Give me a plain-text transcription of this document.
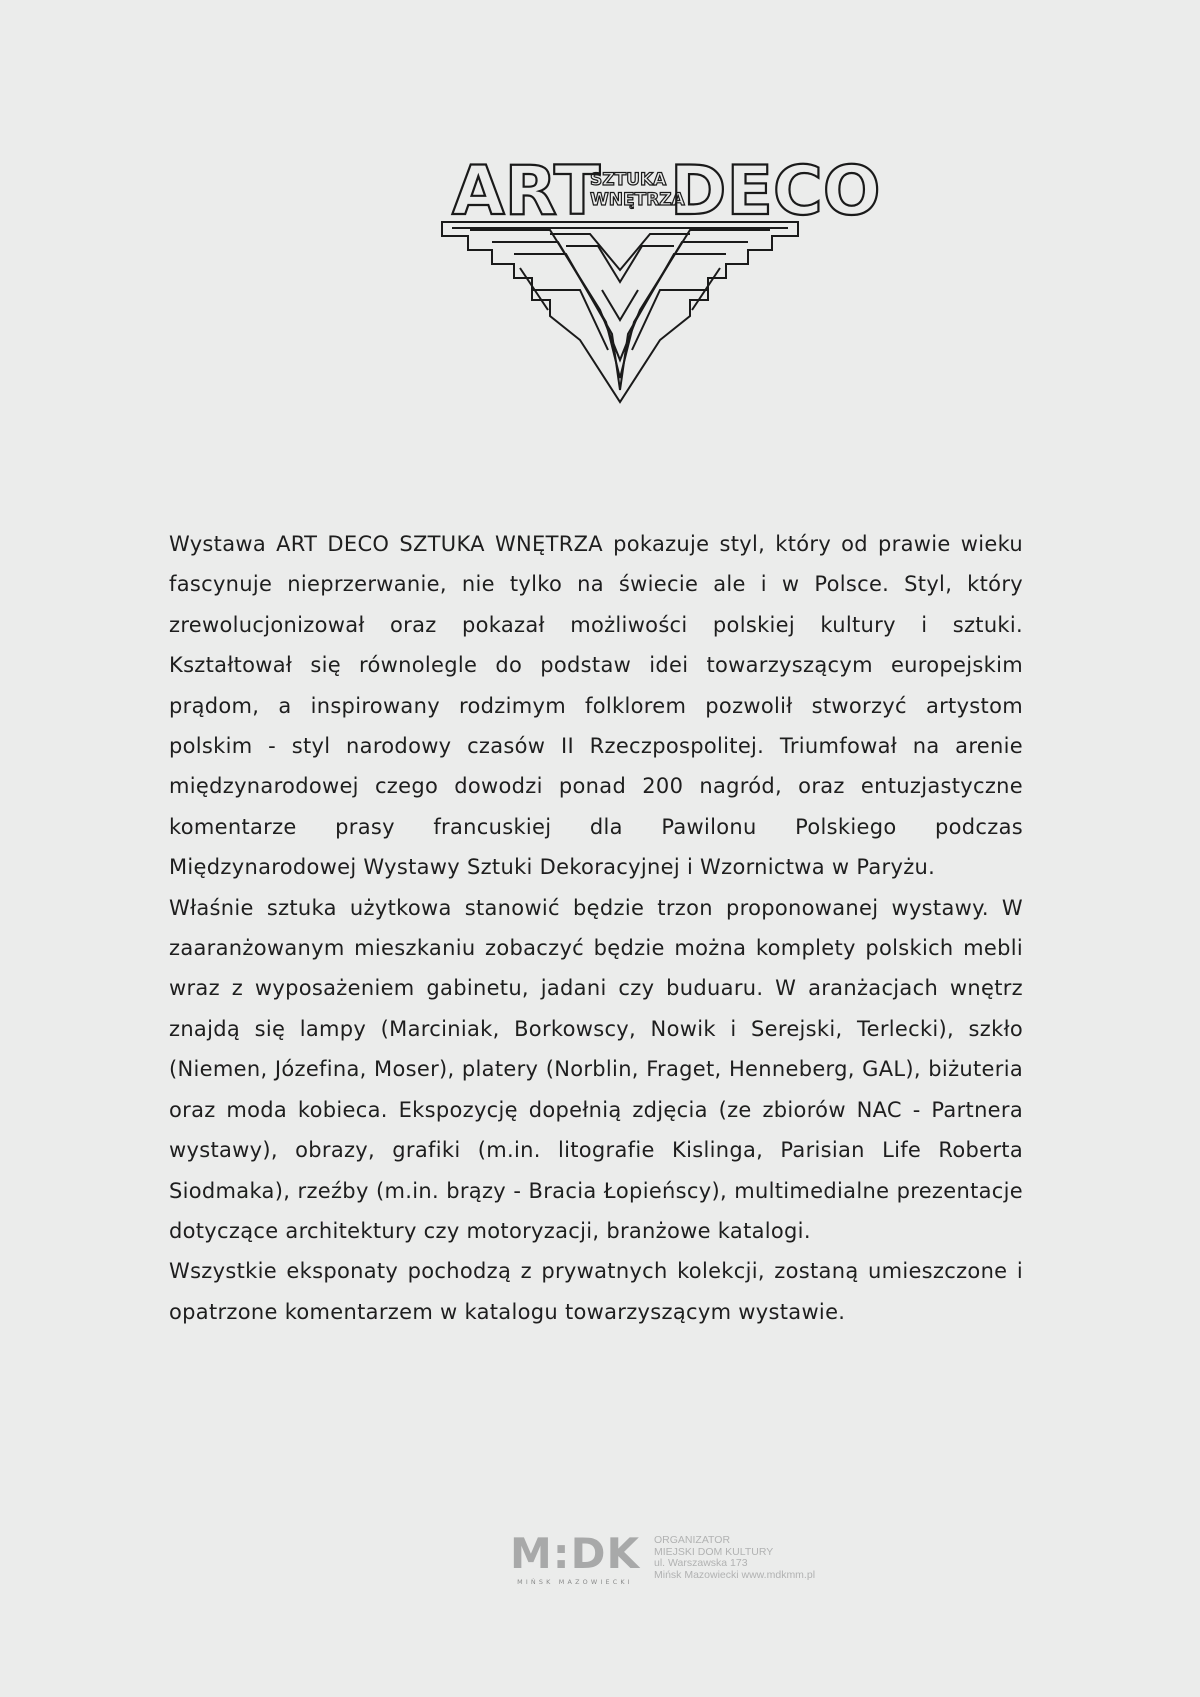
ART
SZTUKA
WNĘTRZA
DECO

Wystawa ART DECO SZTUKA WNĘTRZA pokazuje styl, który od prawie wieku fascynuje nieprzerwanie, nie tylko na świecie ale i w Polsce. Styl, który zrewolucjonizował oraz pokazał możliwości polskiej kultury i sztuki. Kształtował się równolegle do podstaw idei towarzyszącym europejskim prądom, a inspirowany rodzimym folklorem pozwolił stworzyć artystom polskim - styl narodowy czasów II Rzeczpospolitej. Triumfował na arenie międzynarodowej czego dowodzi ponad 200 nagród, oraz entuzjastyczne komentarze prasy francuskiej dla Pawilonu Polskiego podczas Międzynarodowej Wystawy Sztuki Dekoracyjnej i Wzornictwa w Paryżu.

Właśnie sztuka użytkowa stanowić będzie trzon proponowanej wystawy. W zaaranżowanym mieszkaniu zobaczyć będzie można komplety polskich mebli wraz z wyposażeniem gabinetu, jadani czy buduaru. W aranżacjach wnętrz znajdą się lampy (Marciniak, Borkowscy, Nowik i Serejski, Terlecki), szkło (Niemen, Józefina, Moser), platery (Norblin, Fraget, Henneberg, GAL), biżuteria oraz moda kobieca. Ekspozycję dopełnią zdjęcia (ze zbiorów NAC - Partnera wystawy), obrazy, grafiki (m.in. litografie Kislinga, Parisian Life Roberta Siodmaka), rzeźby (m.in. brązy - Bracia Łopieńscy), multimedialne prezentacje dotyczące architektury czy motoryzacji, branżowe katalogi.

Wszystkie eksponaty pochodzą z prywatnych kolekcji, zostaną umieszczone i opatrzone komentarzem w katalogu towarzyszącym wystawie.

M:DK
MIŃSK MAZOWIECKI
ORGANIZATOR
MIEJSKI DOM KULTURY
ul. Warszawska 173
Mińsk Mazowiecki www.mdkmm.pl
